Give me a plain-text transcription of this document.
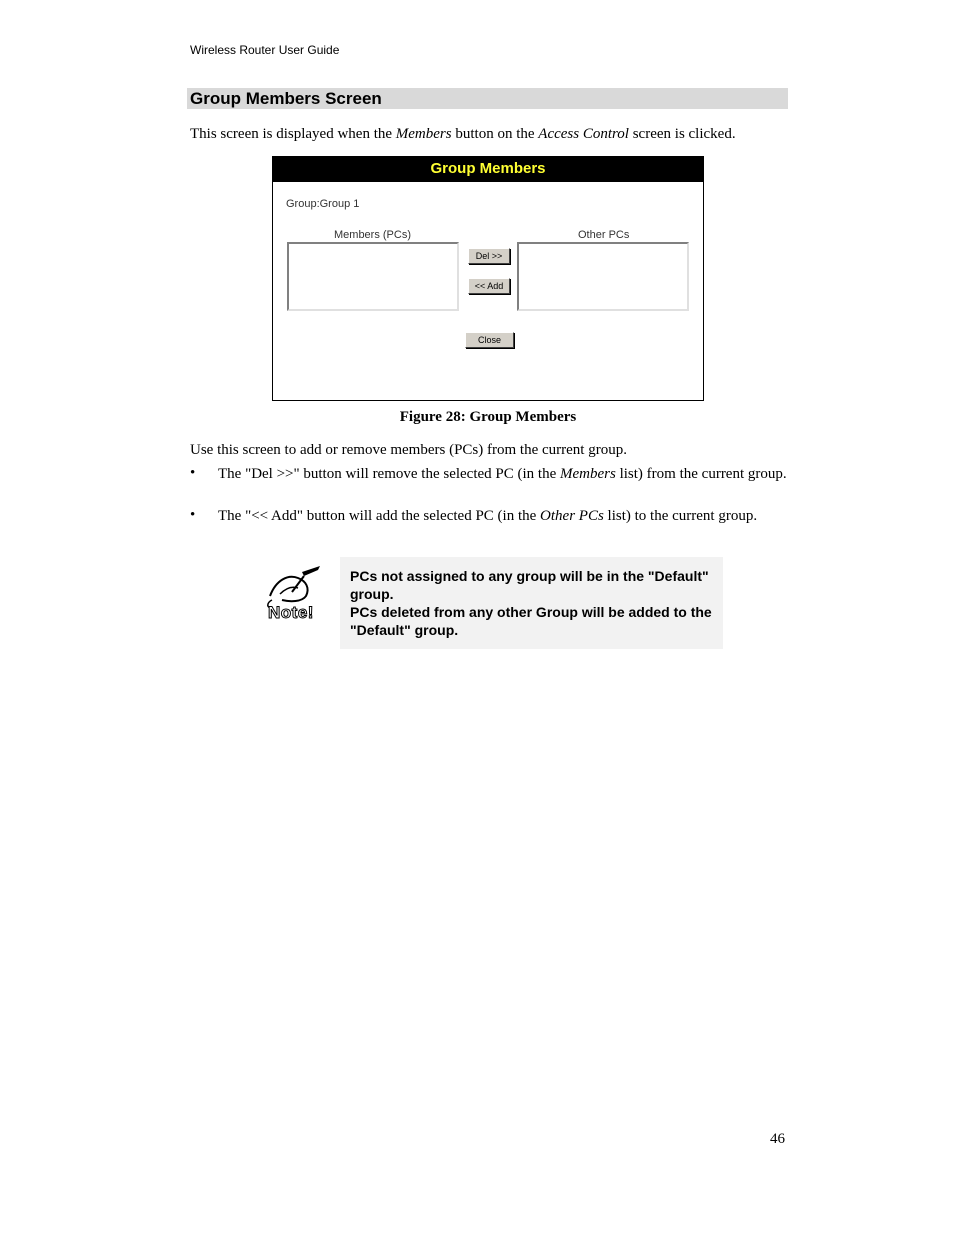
Wireless Router User Guide
Group Members Screen
This screen is displayed when the Members button on the Access Control screen is clicked.
Group Members
Group:Group 1
Members (PCs)	Other PCs
Del >>
<< Add
Close
Figure 28: Group Members
Use this screen to add or remove members (PCs) from the current group.
• The "Del >>" button will remove the selected PC (in the Members list) from the current group.
• The "<< Add" button will add the selected PC (in the Other PCs list) to the current group.
Note!
PCs not assigned to any group will be in the "Default" group.
PCs deleted from any other Group will be added to the "Default" group.
46
